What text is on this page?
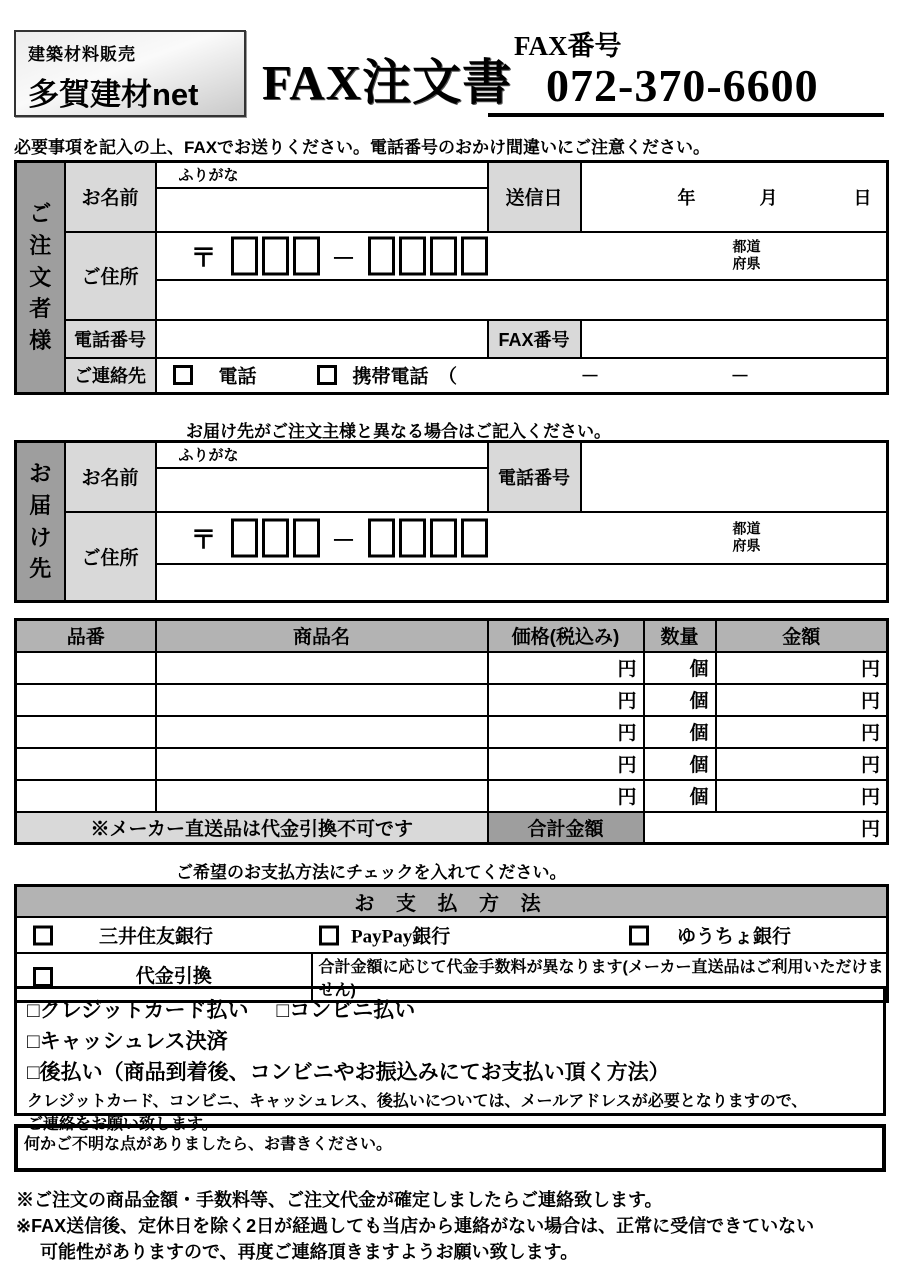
建築材料販売
多賀建材net	FAX注文書
FAX番号
072-370-6600
必要事項を記入の上、FAXでお送りください。電話番号のおかけ間違いにご注意ください。
ご注文者様	お名前	ふりがな	送信日	年 月 日

	ご住所	〒 － 都道
府県		

	電話番号		FAX番号	
	ご連絡先	電話 携帯電話　（ － －		
お届け先がご注文主様と異なる場合はご記入ください。
お届け先	お名前	ふりがな	電話番号	

	ご住所	〒 － 都道
府県		

品番	商品名	価格(税込み)	数量	金額
		円	個	円
		円	個	円
		円	個	円
		円	個	円
		円	個	円
※メーカー直送品は代金引換不可です		合計金額	円	
ご希望のお支払方法にチェックを入れてください。
お 支 払 方 法

三井住友銀行	PayPay銀行	ゆうちょ銀行

代金引換	合計金額に応じて代金手数料が異なります(メーカー直送品はご利用いただけません)
□クレジットカード払い □コンビニ払い
□キャッシュレス決済
□後払い（商品到着後、コンビニやお振込みにてお支払い頂く方法）
クレジットカード、コンビニ、キャッシュレス、後払いについては、メールアドレスが必要となりますので、
ご連絡をお願い致します。
何かご不明な点がありましたら、お書きください。
※ご注文の商品金額・手数料等、ご注文代金が確定しましたらご連絡致します。
※FAX送信後、定休日を除く2日が経過しても当店から連絡がない場合は、正常に受信できていない
可能性がありますので、再度ご連絡頂きますようお願い致します。
